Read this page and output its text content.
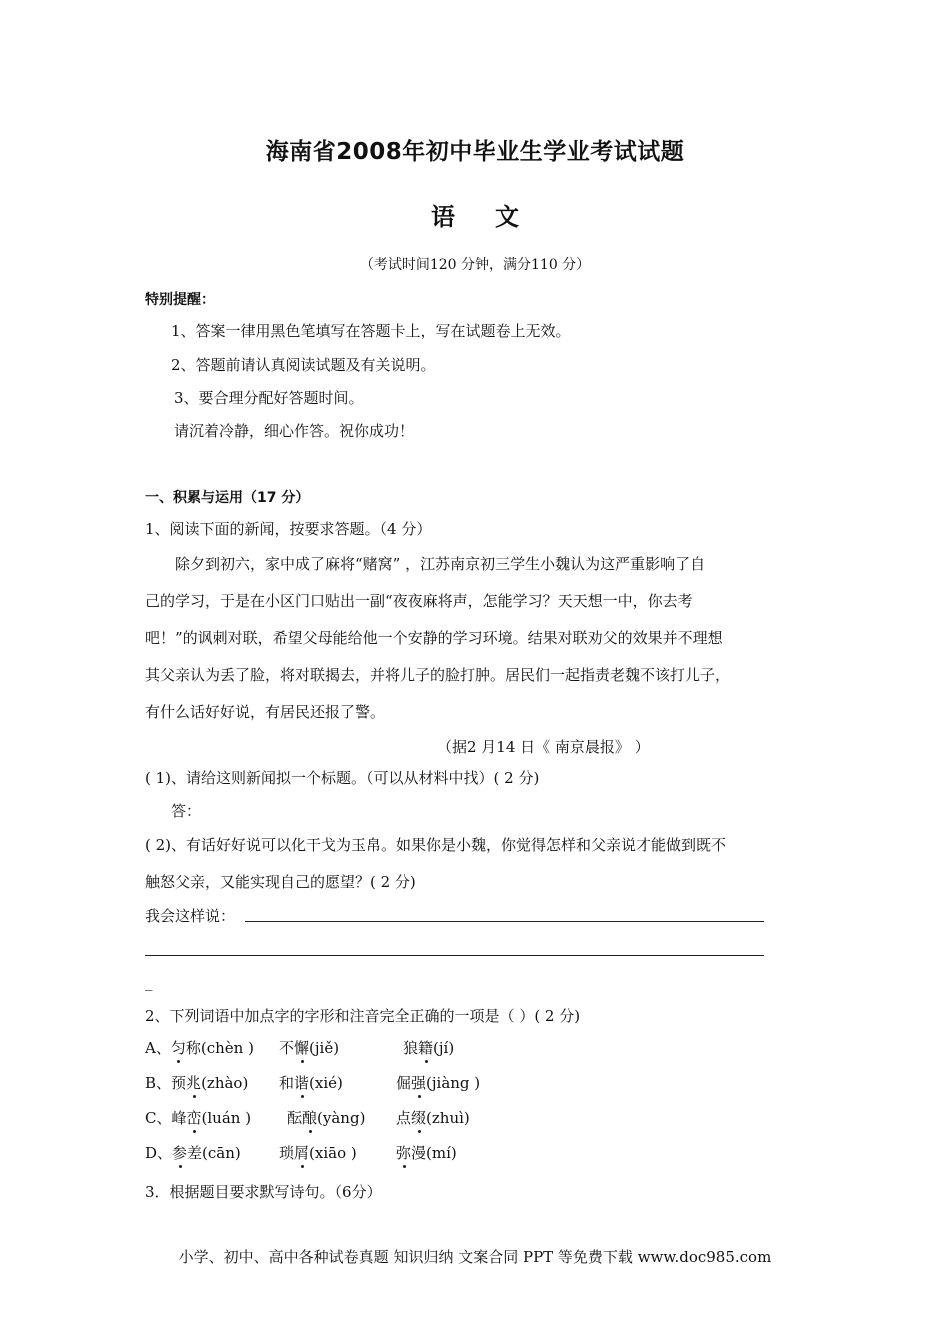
海南省2008年初中毕业生学业考试试题
语文
（考试时间120 分钟，满分110 分）
特别提醒：
1、答案一律用黑色笔填写在答题卡上，写在试题卷上无效。
2、答题前请认真阅读试题及有关说明。
3、要合理分配好答题时间。
请沉着冷静，细心作答。祝你成功！
一、积累与运用（17 分）
1、阅读下面的新闻，按要求答题。（4 分）
除夕到初六，家中成了麻将“赌窝” ，江苏南京初三学生小魏认为这严重影响了自
己的学习，于是在小区门口贴出一副“夜夜麻将声，怎能学习？天天想一中，你去考
吧！”的讽刺对联，希望父母能给他一个安静的学习环境。结果对联劝父的效果并不理想
其父亲认为丢了脸，将对联揭去，并将儿子的脸打肿。居民们一起指责老魏不该打儿子，
有什么话好好说，有居民还报了警。
（据2 月14 日《 南京晨报》 ）
( 1)、请给这则新闻拟一个标题。（可以从材料中找）( 2 分)
答：
( 2)、有话好好说可以化干戈为玉帛。如果你是小魏，你觉得怎样和父亲说才能做到既不
触怒父亲，又能实现自己的愿望？( 2 分)
我会这样说：
_
2、下列词语中加点字的字形和注音完全正确的一项是（ ）( 2 分)
A、匀称(chèn ) 不懈(jiě)	狼籍(jí)
B、预兆(zhào) 和谐(xié)	倔强(jiàng )
C、峰峦(luán ) 酝酿(yàng) 点缀(zhuì)
D、参差(cān)	琐屑(xiāo )	弥漫(mí)
3．根据题目要求默写诗句。（6分）
小学、初中、高中各种试卷真题 知识归纳 文案合同 PPT 等免费下载 www.doc985.com
